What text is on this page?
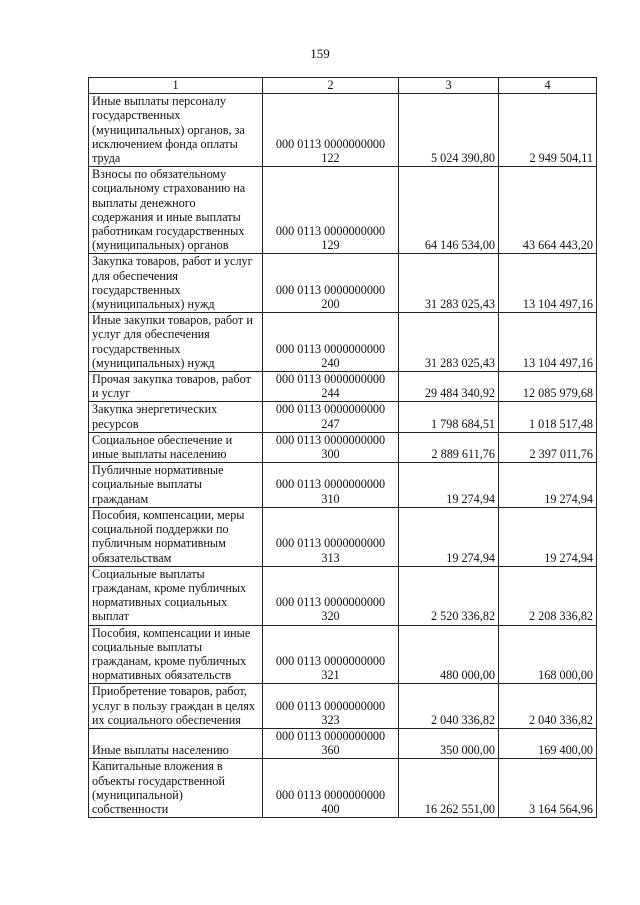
159
1	2	3	4
Иные выплаты персоналу государственных (муниципальных) органов, за исключением фонда оплаты труда	000 0113 0000000000 122	5 024 390,80	2 949 504,11
Взносы по обязательному социальному страхованию на выплаты денежного содержания и иные выплаты работникам государственных (муниципальных) органов	000 0113 0000000000 129	64 146 534,00	43 664 443,20
Закупка товаров, работ и услуг для обеспечения государственных (муниципальных) нужд	000 0113 0000000000 200	31 283 025,43	13 104 497,16
Иные закупки товаров, работ и услуг для обеспечения государственных (муниципальных) нужд	000 0113 0000000000 240	31 283 025,43	13 104 497,16
Прочая закупка товаров, работ и услуг	000 0113 0000000000 244	29 484 340,92	12 085 979,68
Закупка энергетических ресурсов	000 0113 0000000000 247	1 798 684,51	1 018 517,48
Социальное обеспечение и иные выплаты населению	000 0113 0000000000 300	2 889 611,76	2 397 011,76
Публичные нормативные социальные выплаты гражданам	000 0113 0000000000 310	19 274,94	19 274,94
Пособия, компенсации, меры социальной поддержки по публичным нормативным обязательствам	000 0113 0000000000 313	19 274,94	19 274,94
Социальные выплаты гражданам, кроме публичных нормативных социальных выплат	000 0113 0000000000 320	2 520 336,82	2 208 336,82
Пособия, компенсации и иные социальные выплаты гражданам, кроме публичных нормативных обязательств	000 0113 0000000000 321	480 000,00	168 000,00
Приобретение товаров, работ, услуг в пользу граждан в целях их социального обеспечения	000 0113 0000000000 323	2 040 336,82	2 040 336,82
Иные выплаты населению	000 0113 0000000000 360	350 000,00	169 400,00
Капитальные вложения в объекты государственной (муниципальной) собственности	000 0113 0000000000 400	16 262 551,00	3 164 564,96
